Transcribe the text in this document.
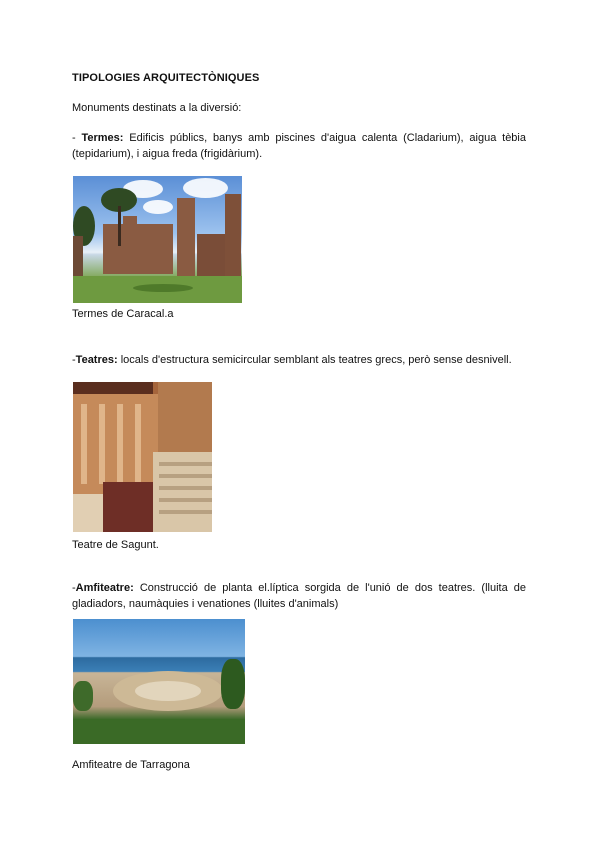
TIPOLOGIES ARQUITECTÒNIQUES
Monuments destinats a la diversió:
- Termes: Edificis públics, banys amb piscines d'aigua calenta (Cladarium), aigua tèbia (tepidarium), i aigua freda (frigidàrium).
Termes de Caracal.a
-Teatres: locals d'estructura semicircular semblant als teatres grecs, però sense desnivell.
Teatre de Sagunt.
-Amfiteatre: Construcció de planta el.líptica sorgida de l'unió de dos teatres. (lluita de gladiadors, naumàquies i venationes (lluites d'animals)
Amfiteatre de Tarragona
